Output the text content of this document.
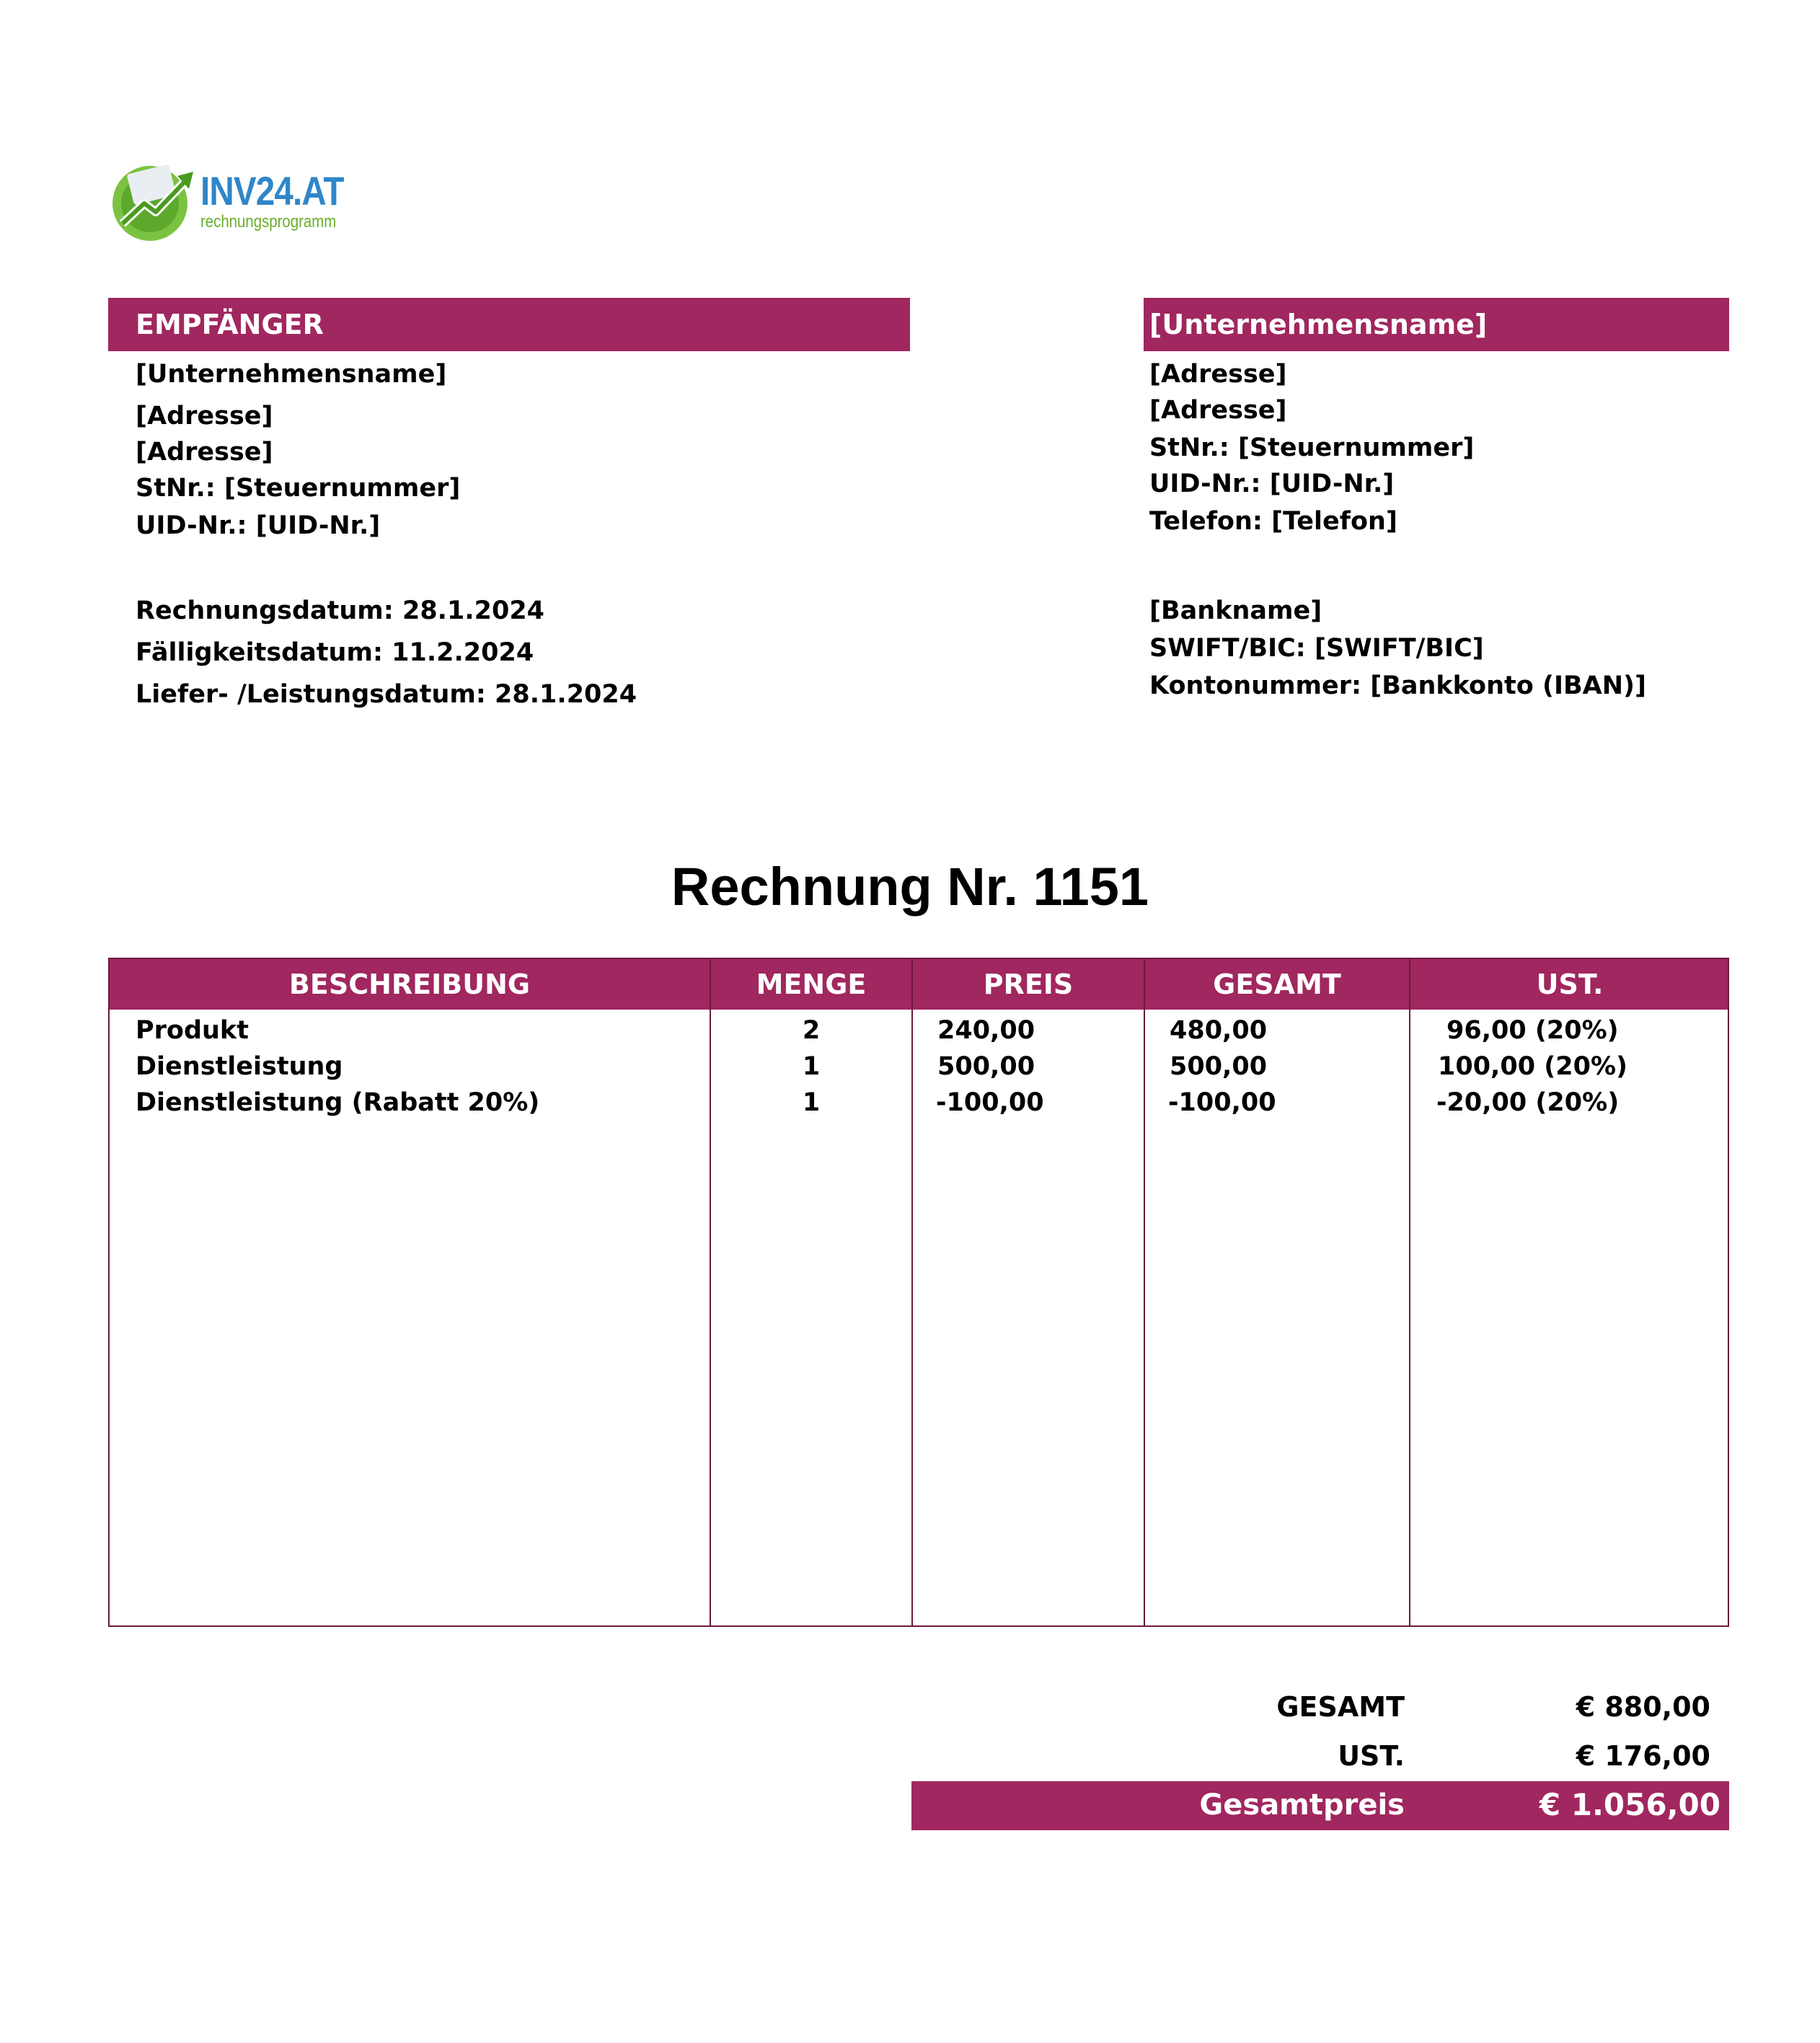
INV24.AT
rechnungsprogramm
EMPFÄNGER
[Unternehmensname]
[Adresse]
[Adresse]
StNr.: [Steuernummer]
UID-Nr.: [UID-Nr.]
Rechnungsdatum: 28.1.2024
Fälligkeitsdatum: 11.2.2024
Liefer- /Leistungsdatum: 28.1.2024
[Unternehmensname]
[Adresse]
[Adresse]
StNr.: [Steuernummer]
UID-Nr.: [UID-Nr.]
Telefon: [Telefon]
[Bankname]
SWIFT/BIC: [SWIFT/BIC]
Kontonummer: [Bankkonto (IBAN)]
Rechnung Nr. 1151
BESCHREIBUNG	MENGE	PREIS	GESAMT	UST.
Produkt	2	240,00	480,00	96,00 (20%)
Dienstleistung	1	500,00	500,00	100,00 (20%)
Dienstleistung (Rabatt 20%)	1	-100,00	-100,00	-20,00 (20%)
GESAMT	€ 880,00
UST.	€ 176,00
Gesamtpreis	€ 1.056,00
